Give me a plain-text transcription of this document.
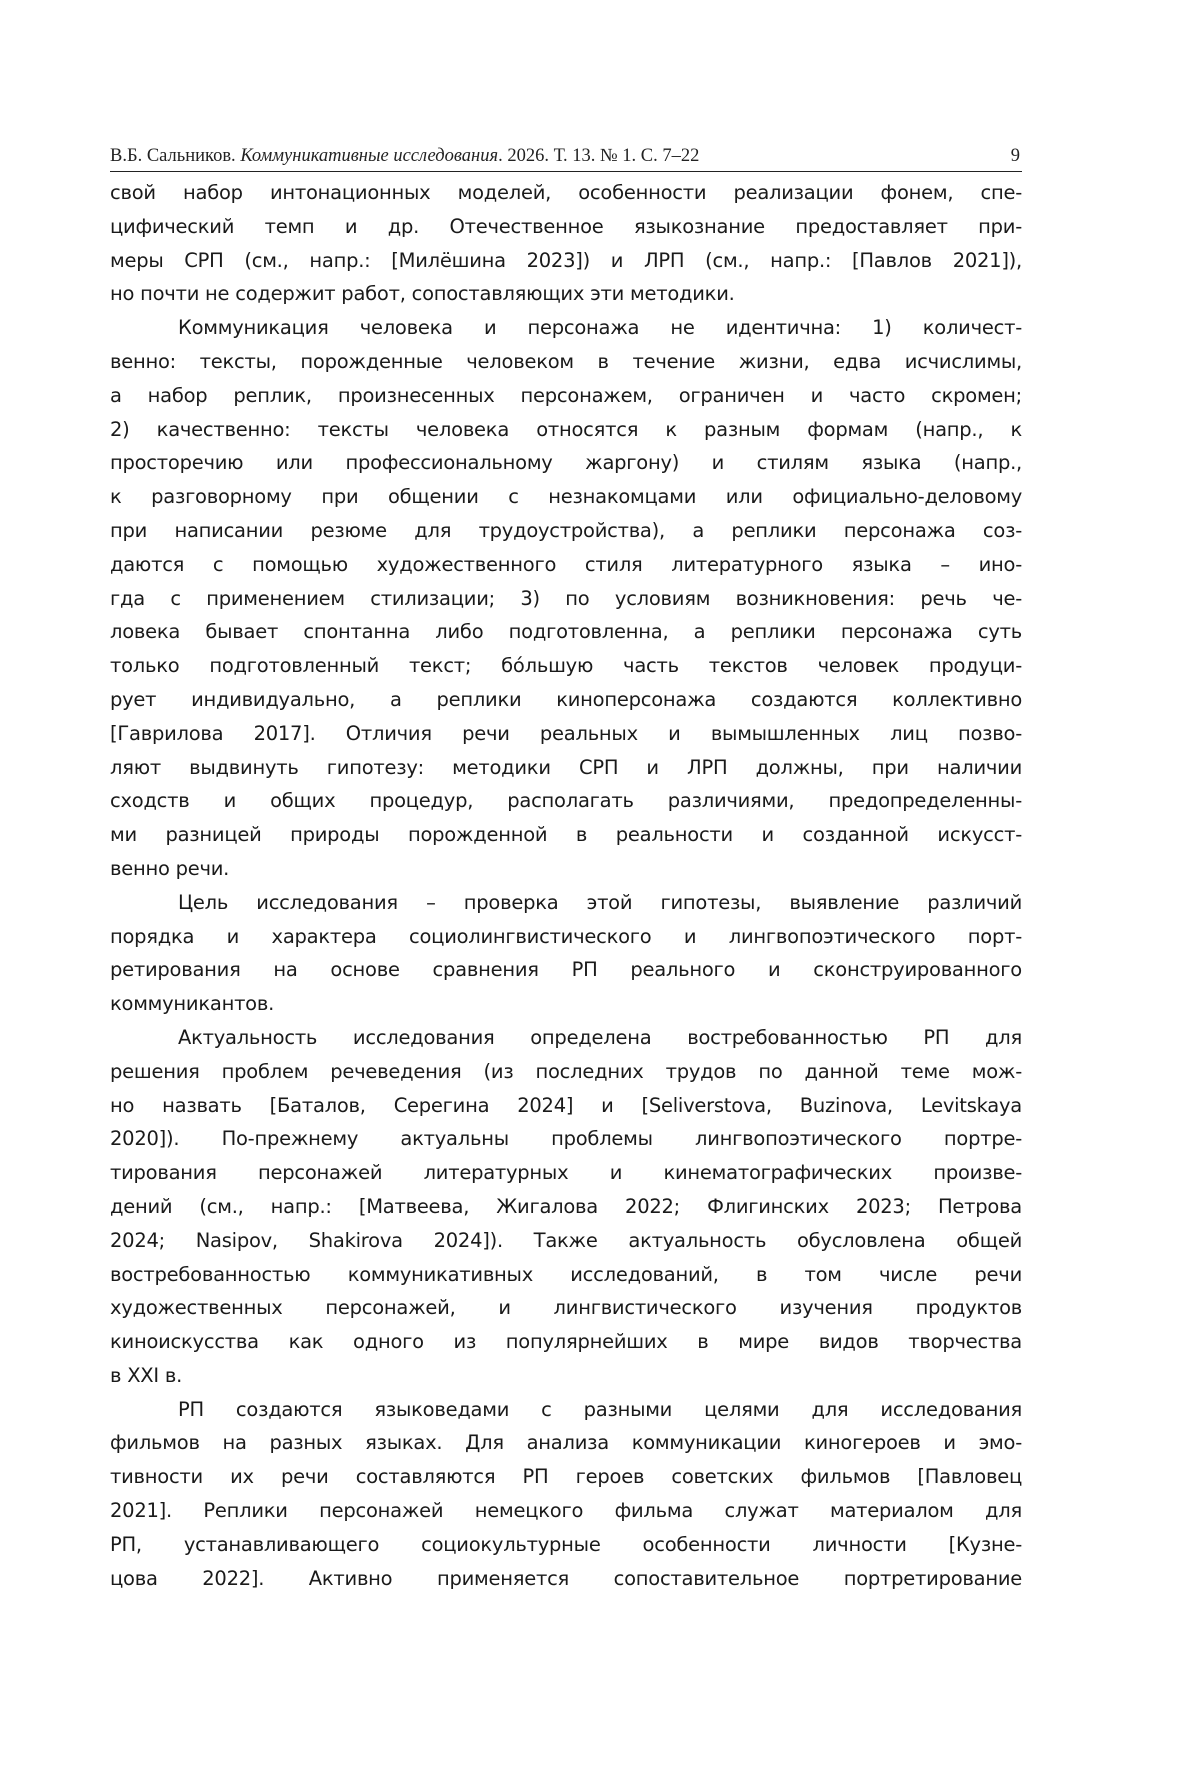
В.Б. Сальников. Коммуникативные исследования. 2026. Т. 13. № 1. С. 7–22	9
свой набор интонационных моделей, особенности реализации фонем, спе-
цифический темп и др. Отечественное языкознание предоставляет при-
меры СРП (см., напр.: [Милёшина 2023]) и ЛРП (см., напр.: [Павлов 2021]),
но почти не содержит работ, сопоставляющих эти методики.
Коммуникация человека и персонажа не идентична: 1) количест-
венно: тексты, порожденные человеком в течение жизни, едва исчислимы,
а набор реплик, произнесенных персонажем, ограничен и часто скромен;
2) качественно: тексты человека относятся к разным формам (напр., к
просторечию или профессиональному жаргону) и стилям языка (напр.,
к разговорному при общении с незнакомцами или официально-деловому
при написании резюме для трудоустройства), а реплики персонажа соз-
даются с помощью художественного стиля литературного языка – ино-
гда с применением стилизации; 3) по условиям возникновения: речь че-
ловека бывает спонтанна либо подготовленна, а реплики персонажа суть
только подготовленный текст; бóльшую часть текстов человек продуци-
рует индивидуально, а реплики киноперсонажа создаются коллективно
[Гаврилова 2017]. Отличия речи реальных и вымышленных лиц позво-
ляют выдвинуть гипотезу: методики СРП и ЛРП должны, при наличии
сходств и общих процедур, располагать различиями, предопределенны-
ми разницей природы порожденной в реальности и созданной искусст-
венно речи.
Цель исследования – проверка этой гипотезы, выявление различий
порядка и характера социолингвистического и лингвопоэтического порт-
ретирования на основе сравнения РП реального и сконструированного
коммуникантов.
Актуальность исследования определена востребованностью РП для
решения проблем речеведения (из последних трудов по данной теме мож-
но назвать [Баталов, Серегина 2024] и [Seliverstova, Buzinova, Levitskaya
2020]). По-прежнему актуальны проблемы лингвопоэтического портре-
тирования персонажей литературных и кинематографических произве-
дений (см., напр.: [Матвеева, Жигалова 2022; Флигинских 2023; Петрова
2024; Nasipov, Shakirova 2024]). Также актуальность обусловлена общей
востребованностью коммуникативных исследований, в том числе речи
художественных персонажей, и лингвистического изучения продуктов
киноискусства как одного из популярнейших в мире видов творчества
в XXI в.
РП создаются языковедами с разными целями для исследования
фильмов на разных языках. Для анализа коммуникации киногероев и эмо-
тивности их речи составляются РП героев советских фильмов [Павловец
2021]. Реплики персонажей немецкого фильма служат материалом для
РП, устанавливающего социокультурные особенности личности [Кузне-
цова 2022]. Активно применяется сопоставительное портретирование
